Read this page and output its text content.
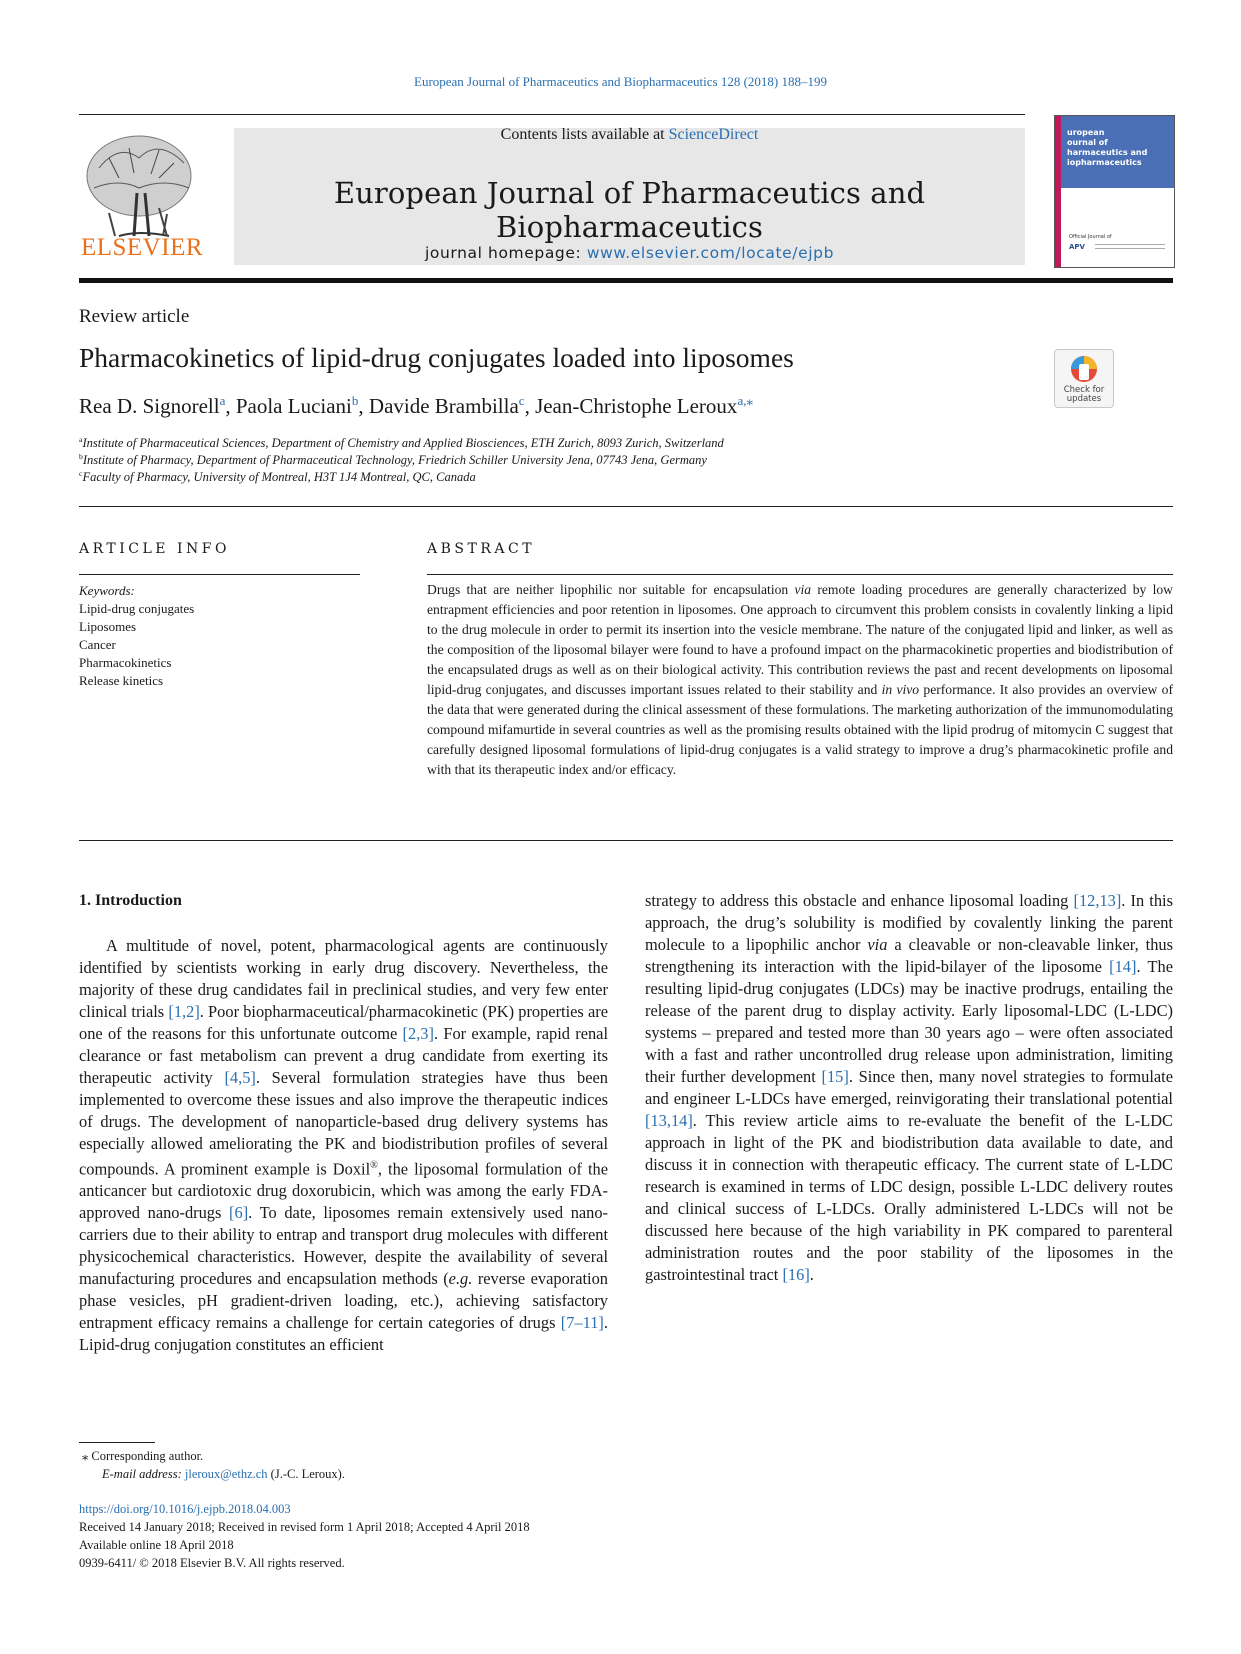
European Journal of Pharmaceutics and Biopharmaceutics 128 (2018) 188–199
ELSEVIER
Contents lists available at ScienceDirect
European Journal of Pharmaceutics and Biopharmaceutics
journal homepage: www.elsevier.com/locate/ejpb
uropean
ournal of
harmaceutics and
iopharmaceutics
Official Journal of
APV
Review article
Pharmacokinetics of lipid-drug conjugates loaded into liposomes
Check for
updates
Rea D. Signorell$^a$, Paola Luciani$^b$, Davide Brambilla$^c$, Jean-Christophe Leroux$^{a,⁎}$
$^a$Institute of Pharmaceutical Sciences, Department of Chemistry and Applied Biosciences, ETH Zurich, 8093 Zurich, Switzerland
$^b$Institute of Pharmacy, Department of Pharmaceutical Technology, Friedrich Schiller University Jena, 07743 Jena, Germany
$^c$Faculty of Pharmacy, University of Montreal, H3T 1J4 Montreal, QC, Canada
ARTICLE INFO	ABSTRACT
Keywords:
Lipid-drug conjugates
Liposomes
Cancer
Pharmacokinetics
Release kinetics
Drugs that are neither lipophilic nor suitable for encapsulation via remote loading procedures are generally characterized by low entrapment efficiencies and poor retention in liposomes. One approach to circumvent this problem consists in covalently linking a lipid to the drug molecule in order to permit its insertion into the vesicle membrane. The nature of the conjugated lipid and linker, as well as the composition of the liposomal bilayer were found to have a profound impact on the pharmacokinetic properties and biodistribution of the encapsulated drugs as well as on their biological activity. This contribution reviews the past and recent developments on liposomal lipid-drug conjugates, and discusses important issues related to their stability and in vivo performance. It also provides an overview of the data that were generated during the clinical assessment of these formulations. The marketing authorization of the immunomodulating compound mifamurtide in several countries as well as the promising results obtained with the lipid prodrug of mitomycin C suggest that carefully designed liposomal formulations of lipid-drug conjugates is a valid strategy to improve a drug’s pharmacokinetic profile and with that its therapeutic index and/or efficacy.
1. Introduction

A multitude of novel, potent, pharmacological agents are continuously identified by scientists working in early drug discovery. Nevertheless, the majority of these drug candidates fail in preclinical studies, and very few enter clinical trials [1,2]. Poor biopharmaceutical/pharmacokinetic (PK) properties are one of the reasons for this unfortunate outcome [2,3]. For example, rapid renal clearance or fast metabolism can prevent a drug candidate from exerting its therapeutic activity [4,5]. Several formulation strategies have thus been implemented to overcome these issues and also improve the therapeutic indices of drugs. The development of nanoparticle-based drug delivery systems has especially allowed ameliorating the PK and biodistribution profiles of several compounds. A prominent example is Doxil®, the liposomal formulation of the anticancer but cardiotoxic drug doxorubicin, which was among the early FDA-approved nano-drugs [6]. To date, liposomes remain extensively used nano-carriers due to their ability to entrap and transport drug molecules with different physicochemical characteristics. However, despite the availability of several manufacturing procedures and encapsulation methods (e.g. reverse evaporation phase vesicles, pH gradient-driven loading, etc.), achieving satisfactory entrapment efficacy remains a challenge for certain categories of drugs [7–11]. Lipid-drug conjugation constitutes an efficient

strategy to address this obstacle and enhance liposomal loading [12,13]. In this approach, the drug’s solubility is modified by covalently linking the parent molecule to a lipophilic anchor via a cleavable or non-cleavable linker, thus strengthening its interaction with the lipid-bilayer of the liposome [14]. The resulting lipid-drug conjugates (LDCs) may be inactive prodrugs, entailing the release of the parent drug to display activity. Early liposomal-LDC (L-LDC) systems – prepared and tested more than 30 years ago – were often associated with a fast and rather uncontrolled drug release upon administration, limiting their further development [15]. Since then, many novel strategies to formulate and engineer L-LDCs have emerged, reinvigorating their translational potential [13,14]. This review article aims to re-evaluate the benefit of the L-LDC approach in light of the PK and biodistribution data available to date, and discuss it in connection with therapeutic efficacy. The current state of L-LDC research is examined in terms of LDC design, possible L-LDC delivery routes and clinical success of L-LDCs. Orally administered L-LDCs will not be discussed here because of the high variability in PK compared to parenteral administration routes and the poor stability of the liposomes in the gastrointestinal tract [16].

⁎ Corresponding author.
E-mail address: jleroux@ethz.ch (J.-C. Leroux).
https://doi.org/10.1016/j.ejpb.2018.04.003
Received 14 January 2018; Received in revised form 1 April 2018; Accepted 4 April 2018
Available online 18 April 2018
0939-6411/ © 2018 Elsevier B.V. All rights reserved.
